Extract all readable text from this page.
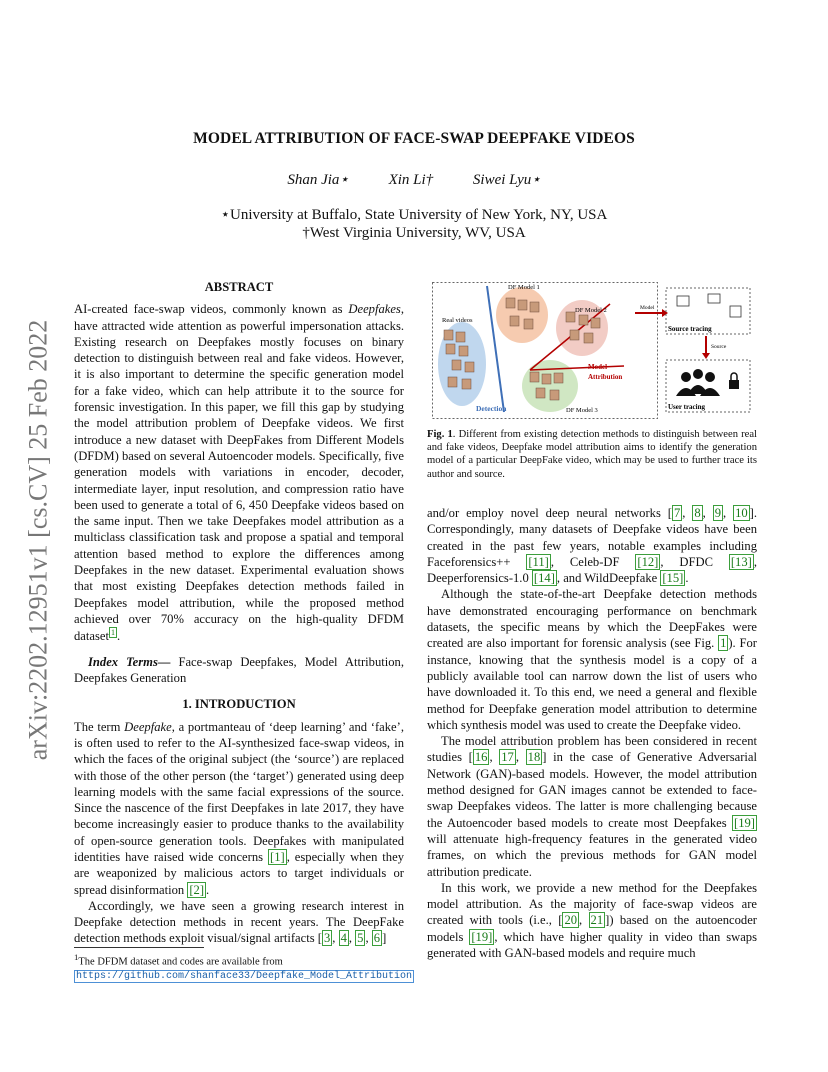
MODEL ATTRIBUTION OF FACE-SWAP DEEPFAKE VIDEOS
Shan Jia⋆	Xin Li†	Siwei Lyu⋆
⋆University at Buffalo, State University of New York, NY, USA
†West Virginia University, WV, USA
arXiv:2202.12951v1 [cs.CV] 25 Feb 2022
ABSTRACT

AI-created face-swap videos, commonly known as Deepfakes, have attracted wide attention as powerful impersonation attacks. Existing research on Deepfakes mostly focuses on binary detection to distinguish between real and fake videos. However, it is also important to determine the specific generation model for a fake video, which can help attribute it to the source for forensic investigation. In this paper, we fill this gap by studying the model attribution problem of Deepfake videos. We first introduce a new dataset with DeepFakes from Different Models (DFDM) based on several Autoencoder models. Specifically, five generation models with variations in encoder, decoder, intermediate layer, input resolution, and compression ratio have been used to generate a total of 6, 450 Deepfake videos based on the same input. Then we take Deepfakes model attribution as a multiclass classification task and propose a spatial and temporal attention based method to explore the differences among Deepfakes in the new dataset. Experimental evaluation shows that most existing Deepfakes detection methods failed in Deepfakes model attribution, while the proposed method achieved over 70% accuracy on the high-quality DFDM dataset $^1$ .

Index Terms— Face-swap Deepfakes, Model Attribution, Deepfakes Generation

1. INTRODUCTION

The term Deepfake, a portmanteau of ‘deep learning’ and ‘fake’, is often used to refer to the AI-synthesized face-swap videos, in which the faces of the original subject (the ‘source’) are replaced with those of the other person (the ‘target’) generated using deep learning models with the same facial expressions of the source. Since the nascence of the first Deepfakes in late 2017, they have become increasingly easier to produce thanks to the availability of open-source generation tools. Deepfakes with manipulated identities have raised wide concerns [1] , especially when they are weaponized by malicious actors to target individuals or spread disinformation [2] .

Accordingly, we have seen a growing research interest in Deepfake detection methods in recent years. The DeepFake detection methods exploit visual/signal artifacts [ 3 , 4 , 5 , 6 ]

$^1$The DFDM dataset and codes are available from https://github.com/shanface33/Deepfake_Model_Attribution
DF Model 1
DF Model 2
DF Model 3
Real videos
Detection
Model
Attribution
Model
Source tracing
Source
User tracing
Fig. 1. Different from existing detection methods to distinguish between real and fake videos, Deepfake model attribution aims to identify the generation model of a particular DeepFake video, which may be used to further trace its author and source.

and/or employ novel deep neural networks [ 7 , 8 , 9 , 10 ]. Correspondingly, many datasets of Deepfake videos have been created in the past few years, notable examples including Faceforensics++ [11] , Celeb-DF [12] , DFDC [13] , Deeperforensics-1.0 [14] , and WildDeepfake [15] .

Although the state-of-the-art Deepfake detection methods have demonstrated encouraging performance on benchmark datasets, the specific means by which the DeepFakes were created are also important for forensic analysis (see Fig. 1 ). For instance, knowing that the synthesis model is a copy of a publicly available tool can narrow down the list of users who have downloaded it. To this end, we need a general and flexible method for Deepfake generation model attribution to determine which synthesis model was used to create the Deepfake video.

The model attribution problem has been considered in recent studies [ 16 , 17 , 18 ] in the case of Generative Adversarial Network (GAN)-based models. However, the model attribution method designed for GAN images cannot be extended to face-swap Deepfakes videos. The latter is more challenging because the Autoencoder based models to create most Deepfakes [19] will attenuate high-frequency features in the generated video frames, on which the previous methods for GAN model attribution predicate.

In this work, we provide a new method for the Deepfakes model attribution. As the majority of face-swap videos are created with tools (i.e., [ 20 , 21 ]) based on the autoencoder models [19] , which have higher quality in video than swaps generated with GAN-based models and require much
